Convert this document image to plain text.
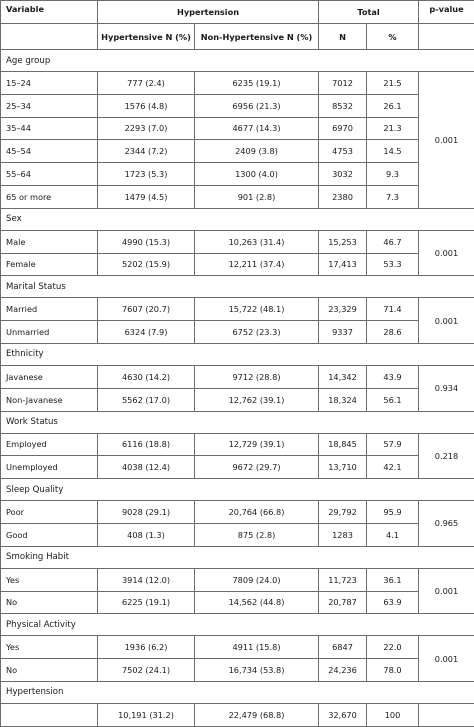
Variable	Hypertension		Total		p-value
	Hypertensive N (%)	Non-Hypertensive N (%)	N	%	
Age group					
15–24	777 (2.4)	6235 (19.1)	7012	21.5	0.001
25–34	1576 (4.8)	6956 (21.3)	8532	26.1	
35–44	2293 (7.0)	4677 (14.3)	6970	21.3	
45–54	2344 (7.2)	2409 (3.8)	4753	14.5	
55–64	1723 (5.3)	1300 (4.0)	3032	9.3	
65 or more	1479 (4.5)	901 (2.8)	2380	7.3	
Sex					
Male	4990 (15.3)	10,263 (31.4)	15,253	46.7	0.001
Female	5202 (15.9)	12,211 (37.4)	17,413	53.3	
Marital Status					
Married	7607 (20.7)	15,722 (48.1)	23,329	71.4	0.001
Unmarried	6324 (7.9)	6752 (23.3)	9337	28.6	
Ethnicity					
Javanese	4630 (14.2)	9712 (28.8)	14,342	43.9	0.934
Non-Javanese	5562 (17.0)	12,762 (39.1)	18,324	56.1	
Work Status					
Employed	6116 (18.8)	12,729 (39.1)	18,845	57.9	0.218
Unemployed	4038 (12.4)	9672 (29.7)	13,710	42.1	
Sleep Quality					
Poor	9028 (29.1)	20,764 (66.8)	29,792	95.9	0.965
Good	408 (1.3)	875 (2.8)	1283	4.1	
Smoking Habit					
Yes	3914 (12.0)	7809 (24.0)	11,723	36.1	0.001
No	6225 (19.1)	14,562 (44.8)	20,787	63.9	
Physical Activity					
Yes	1936 (6.2)	4911 (15.8)	6847	22.0	0.001
No	7502 (24.1)	16,734 (53.8)	24,236	78.0	
Hypertension					
	10,191 (31.2)	22,479 (68.8)	32,670	100	
